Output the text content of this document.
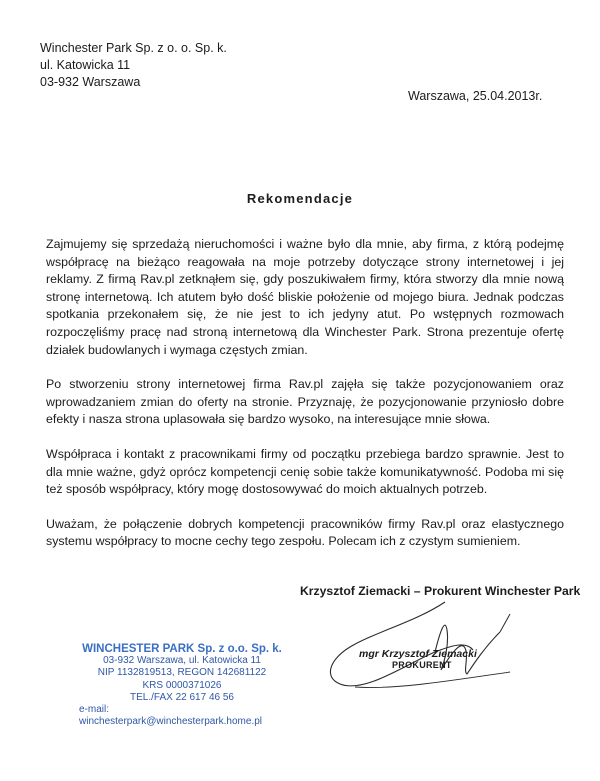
Winchester Park Sp. z o. o. Sp. k.
ul. Katowicka 11
03-932 Warszawa
Warszawa, 25.04.2013r.
Rekomendacje

Zajmujemy się sprzedażą nieruchomości i ważne było dla mnie, aby firma, z którą podejmę współpracę na bieżąco reagowała na moje potrzeby dotyczące strony internetowej i jej reklamy. Z firmą Rav.pl zetknąłem się, gdy poszukiwałem firmy, która stworzy dla mnie nową stronę internetową. Ich atutem było dość bliskie położenie od mojego biura. Jednak podczas spotkania przekonałem się, że nie jest to ich jedyny atut. Po wstępnych rozmowach rozpoczęliśmy pracę nad stroną internetową dla Winchester Park. Strona prezentuje ofertę działek budowlanych i wymaga częstych zmian.

Po stworzeniu strony internetowej firma Rav.pl zajęła się także pozycjonowaniem oraz wprowadzaniem zmian do oferty na stronie. Przyznaję, że pozycjonowanie przyniosło dobre efekty i nasza strona uplasowała się bardzo wysoko, na interesujące mnie słowa.

Współpraca i kontakt z pracownikami firmy od początku przebiega bardzo sprawnie. Jest to dla mnie ważne, gdyż oprócz kompetencji cenię sobie także komunikatywność. Podoba mi się też sposób współpracy, który mogę dostosowywać do moich aktualnych potrzeb.

Uważam, że połączenie dobrych kompetencji pracowników firmy Rav.pl oraz elastycznego systemu współpracy to mocne cechy tego zespołu. Polecam ich z czystym sumieniem.

Krzysztof Ziemacki – Prokurent Winchester Park
mgr Krzysztof Ziemacki
PROKURENT
WINCHESTER PARK Sp. z o.o. Sp. k.
03-932 Warszawa, ul. Katowicka 11
NIP 1132819513, REGON 142681122
KRS 0000371026
TEL./FAX 22 617 46 56
e-mail: winchesterpark@winchesterpark.home.pl
